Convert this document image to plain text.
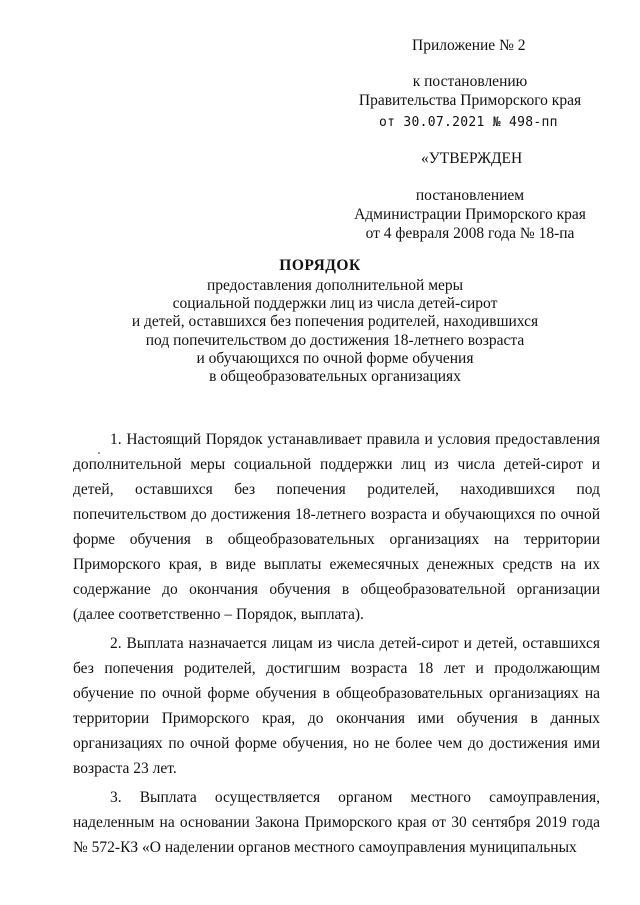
Приложение № 2
к постановлению
Правительства Приморского края
от 30.07.2021 № 498-пп
«УТВЕРЖДЕН
постановлением
Администрации Приморского края
от 4 февраля 2008 года № 18-па
ПОРЯДОК
предоставления дополнительной меры
социальной поддержки лиц из числа детей-сирот
и детей, оставшихся без попечения родителей, находившихся
под попечительством до достижения 18-летнего возраста
и обучающихся по очной форме обучения
в общеобразовательных организациях

1. Настоящий Порядок устанавливает правила и условия предоставления дополнительной меры социальной поддержки лиц из числа детей-сирот и детей, оставшихся без попечения родителей, находившихся под попечительством до достижения 18-летнего возраста и обучающихся по очной форме обучения в общеобразовательных организациях на территории Приморского края, в виде выплаты ежемесячных денежных средств на их содержание до окончания обучения в общеобразовательной организации (далее соответственно – Порядок, выплата).

2. Выплата назначается лицам из числа детей-сирот и детей, оставшихся без попечения родителей, достигшим возраста 18 лет и продолжающим обучение по очной форме обучения в общеобразовательных организациях на территории Приморского края, до окончания ими обучения в данных организациях по очной форме обучения, но не более чем до достижения ими возраста 23 лет.

3. Выплата осуществляется органом местного самоуправления, наделенным на основании Закона Приморского края от 30 сентября 2019 года № 572-КЗ «О наделении органов местного самоуправления муниципальных
